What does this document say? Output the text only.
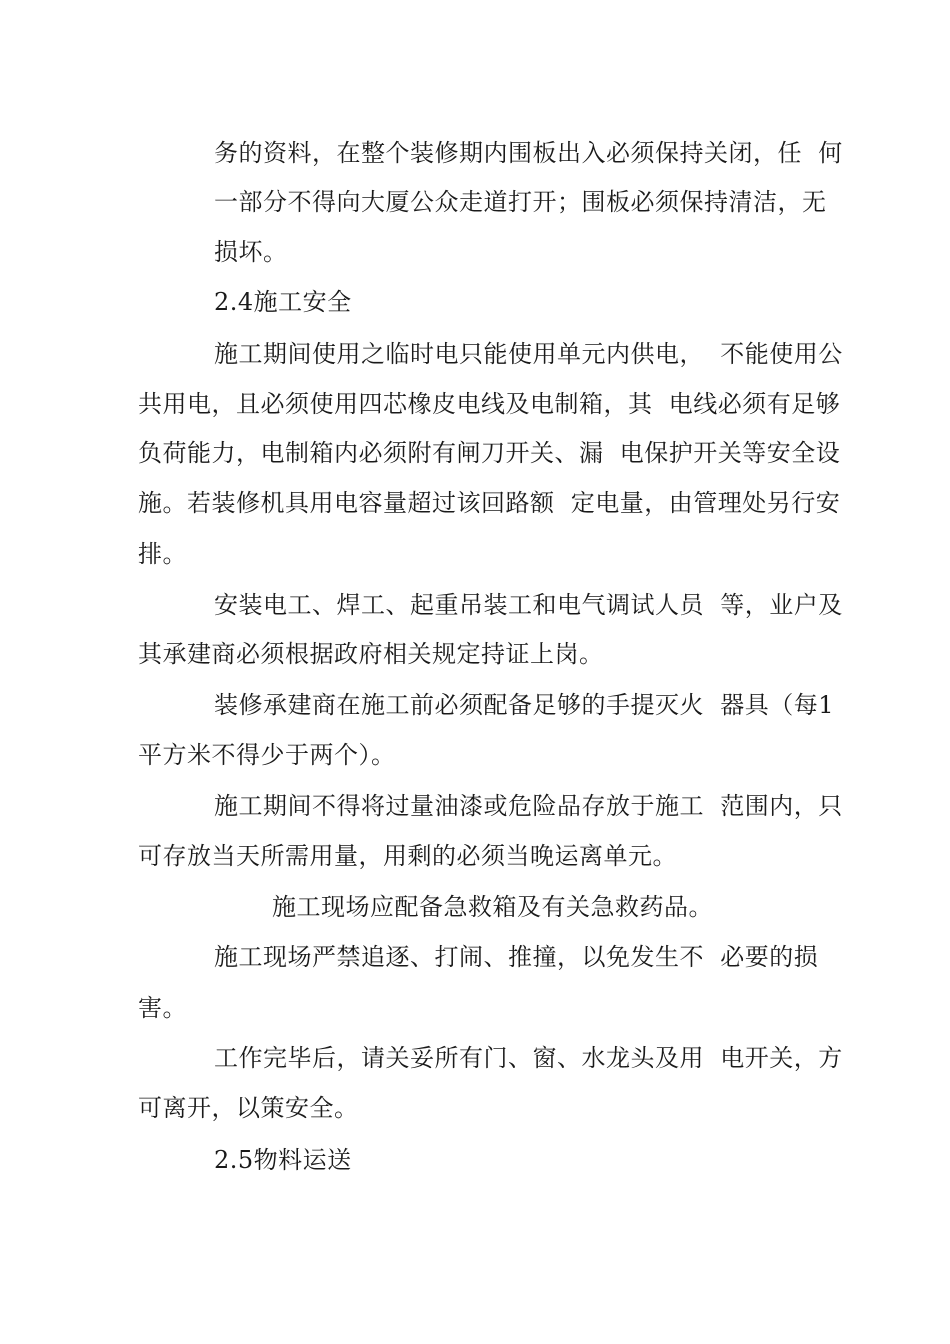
务的资料，在整个装修期内围板出入必须保持关闭，任  何
一部分不得向大厦公众走道打开；围板必须保持清洁，无
损坏。
2.4施工安全
施工期间使用之临时电只能使用单元内供电，  不能使用公
共用电，且必须使用四芯橡皮电线及电制箱，其  电线必须有足够
负荷能力，电制箱内必须附有闸刀开关、漏  电保护开关等安全设
施。若装修机具用电容量超过该回路额  定电量，由管理处另行安
排。
安装电工、焊工、起重吊装工和电气调试人员  等，业户及
其承建商必须根据政府相关规定持证上岗。
装修承建商在施工前必须配备足够的手提灭火  器具（每1
平方米不得少于两个）。
施工期间不得将过量油漆或危险品存放于施工  范围内，只
可存放当天所需用量，用剩的必须当晚运离单元。
施工现场应配备急救箱及有关急救药品。
施工现场严禁追逐、打闹、推撞，以免发生不  必要的损
害。
工作完毕后，请关妥所有门、窗、水龙头及用  电开关，方
可离开，以策安全。
2.5物料运送
